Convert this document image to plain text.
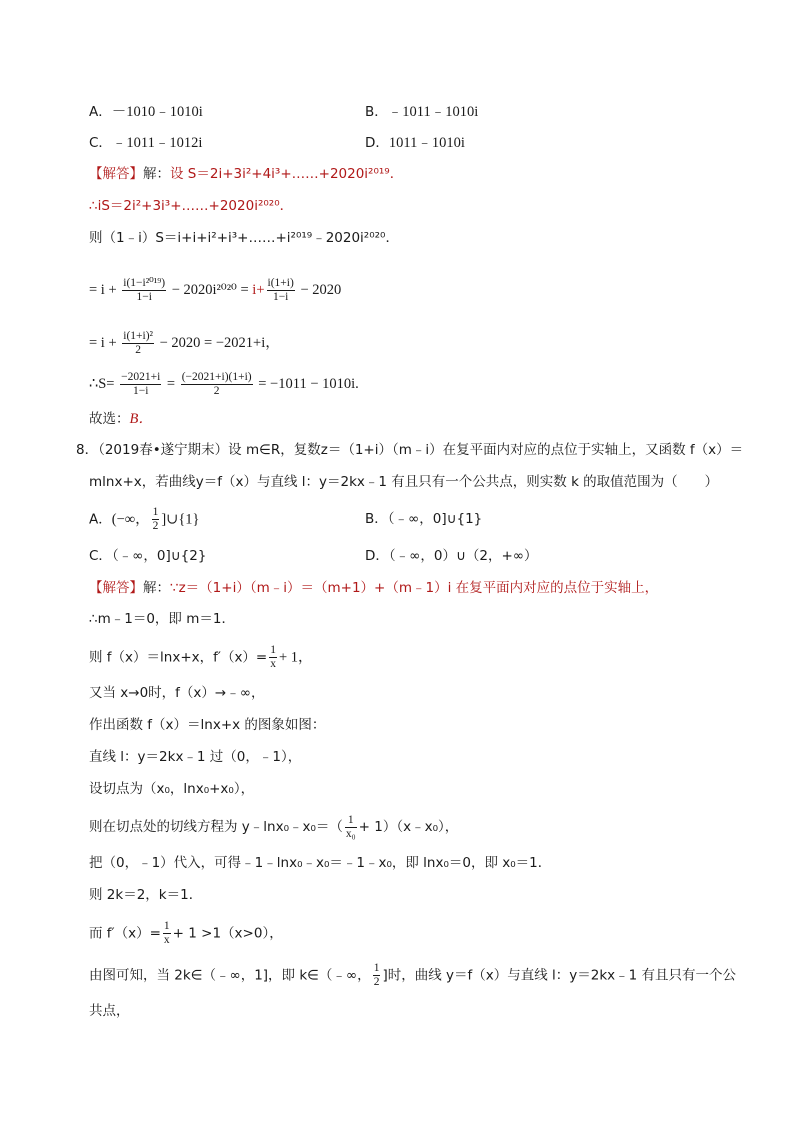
A．－1010﹣1010i	B．﹣1011﹣1010i
C．﹣1011﹣1012i	D．1011﹣1010i
【解答】解：设 S＝2i+3i²+4i³+……+2020i²⁰¹⁹．
∴iS＝2i²+3i³+……+2020i²⁰²⁰．
则（1﹣i）S＝i+i+i²+i³+……+i²⁰¹⁹﹣2020i²⁰²⁰．
= $i + \frac{\text{i(1−i²⁰¹⁹)}}{1-i} - 2020i^{2020} = i+ \frac{i(1+i)}{1-i} - 2020$
= $i + \frac{\text{i(1+i)²}}{2} - 2020 = -2021+i$，
∴S= $\frac{-2021+i}{1-i} = \frac{(-2021+i)(1+i)}{2} = -1011 - 1010i$.
故选：B．
8．（2019春•遂宁期末）设 m∈R，复数z＝（1+i）（m﹣i）在复平面内对应的点位于实轴上，又函数 f（x）＝
mlnx+x，若曲线y＝f（x）与直线 l：y＝2kx﹣1 有且只有一个公共点，则实数 k 的取值范围为（　　）
A．(−∞， $\frac{1}{2}$ ]∪{1}	B．（﹣∞，0]∪{1}
C．（﹣∞，0]∪{2}	D．（﹣∞，0）∪（2，+∞）
【解答】解：∵z＝（1+i）（m﹣i）＝（m+1）+（m﹣1）i 在复平面内对应的点位于实轴上，
∴m﹣1＝0，即 m＝1．
则 f（x）＝lnx+x，$f'(x)= \frac{1}{x} + 1$，
又当 x→0时，f（x）→﹣∞，
作出函数 f（x）＝lnx+x 的图象如图：
直线 l：y＝2kx﹣1 过（0，﹣1），
设切点为（x₀，lnx₀+x₀），
则在切点处的切线方程为 y﹣lnx₀﹣x₀＝（ $\frac{1}{\text{x₀}}$ + 1）（x﹣x₀），
把（0，﹣1）代入，可得﹣1﹣lnx₀﹣x₀＝﹣1﹣x₀，即 lnx₀＝0，即 x₀＝1．
则 2k＝2，k＝1．
而 $f'(x)= \frac{1}{x} + 1 >1(x>0)$，
由图可知，当 2k∈（﹣∞，1]，即 k∈（﹣∞， $\frac{1}{2}$ ]时，曲线 y＝f（x）与直线 l：y＝2kx﹣1 有且只有一个公
共点，
